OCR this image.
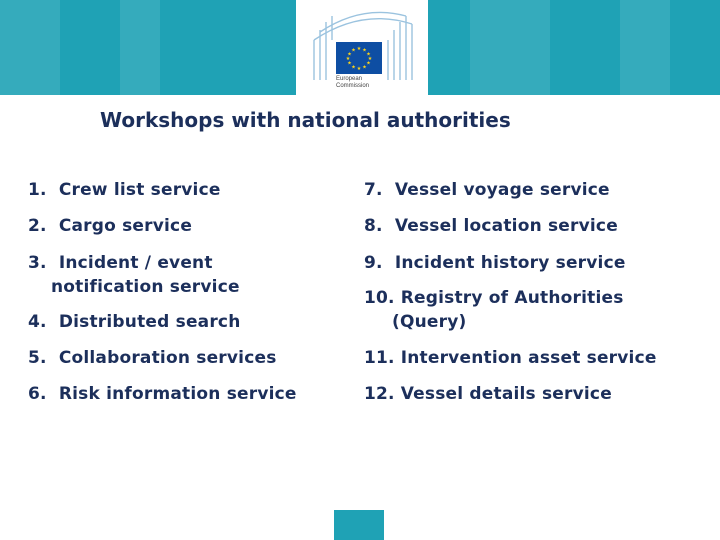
★ ★
★
★
★
★
★
★
★
★
★
★
European
Commission
Workshops with national authorities
1. Crew list service
2. Cargo service
3. Incident / event
notification service
4. Distributed search
5. Collaboration services
6. Risk information service
7. Vessel voyage service
8. Vessel location service
9. Incident history service
10. Registry of Authorities
(Query)
11. Intervention asset service
12. Vessel details service
